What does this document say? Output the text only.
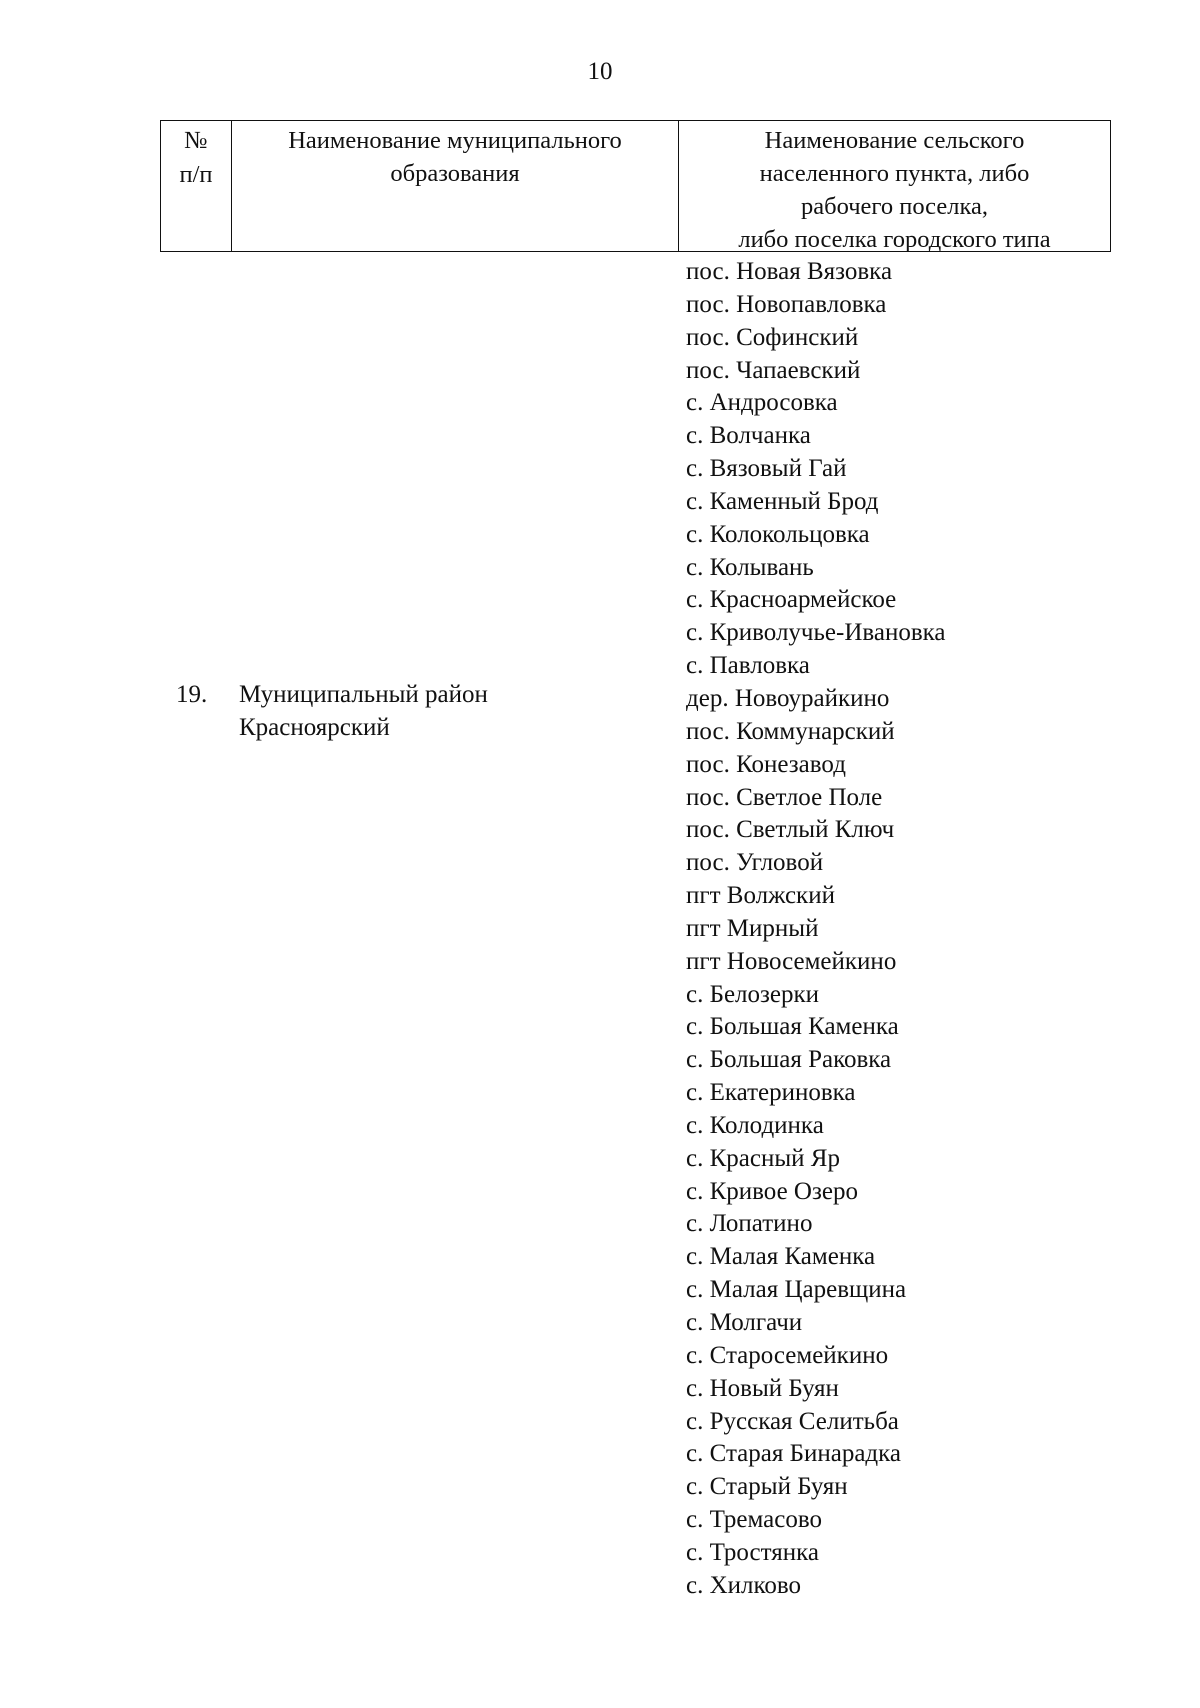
10
№
п/п
Наименование муниципального
образования
Наименование сельского
населенного пункта, либо
рабочего поселка,
либо поселка городского типа
19. Муниципальный район
Красноярский
пос. Новая Вязовка
пос. Новопавловка
пос. Софинский
пос. Чапаевский
с. Андросовка
с. Волчанка
с. Вязовый Гай
с. Каменный Брод
с. Колокольцовка
с. Колывань
с. Красноармейское
с. Криволучье-Ивановка
с. Павловка
дер. Новоурайкино
пос. Коммунарский
пос. Конезавод
пос. Светлое Поле
пос. Светлый Ключ
пос. Угловой
пгт Волжский
пгт Мирный
пгт Новосемейкино
с. Белозерки
с. Большая Каменка
с. Большая Раковка
с. Екатериновка
с. Колодинка
с. Красный Яр
с. Кривое Озеро
с. Лопатино
с. Малая Каменка
с. Малая Царевщина
с. Молгачи
с. Старосемейкино
с. Новый Буян
с. Русская Селитьба
с. Старая Бинарадка
с. Старый Буян
с. Тремасово
с. Тростянка
с. Хилково
